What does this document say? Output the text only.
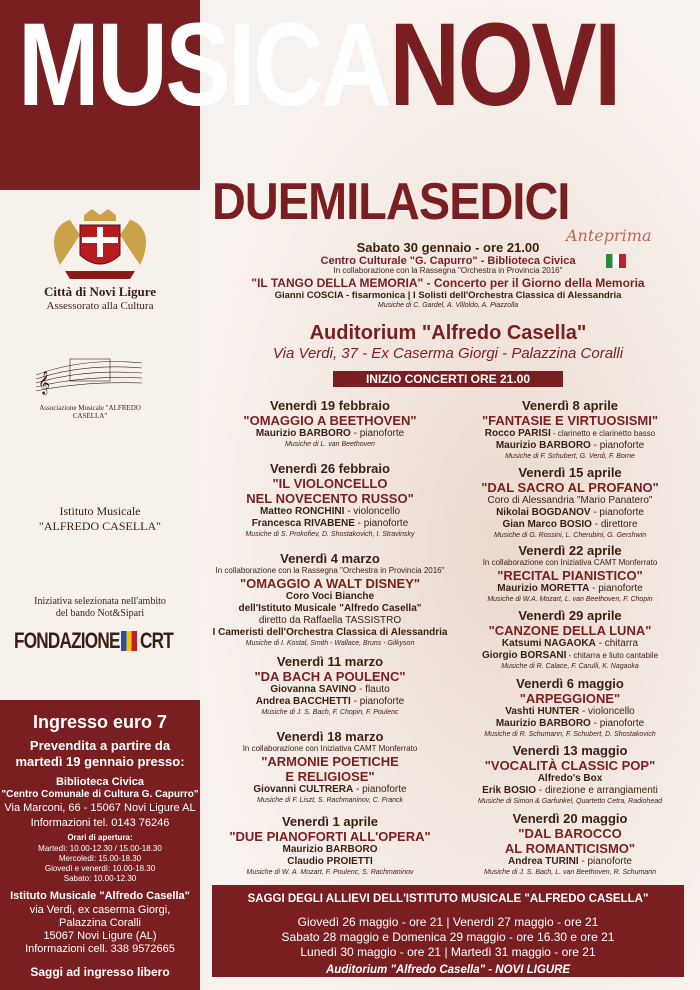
MUSICANOVI
DUEMILASEDICI
Anteprima
Città di Novi Ligure
Assessorato alla Cultura
𝄞
Associazione Musicale "ALFREDO CASELLA"
Istituto Musicale
"ALFREDO CASELLA"
Iniziativa selezionata nell'ambito
del bando Not&Sipari
FONDAZIONE CRT
Ingresso euro 7
Prevendita a partire da
martedì 19 gennaio presso:
Biblioteca Civica
"Centro Comunale di Cultura G. Capurro"
Via Marconi, 66 - 15067 Novi Ligure AL
Informazioni tel. 0143 76246
Orari di apertura:
Martedì: 10.00-12.30 / 15.00-18.30
Mercoledì: 15.00-18.30
Giovedì e venerdì: 10.00-18.30
Sabato: 10.00-12.30
Istituto Musicale "Alfredo Casella"
via Verdi, ex caserma Giorgi,
Palazzina Coralli
15067 Novi Ligure (AL)
Informazioni cell. 338 9572665
Saggi ad ingresso libero
Sabato 30 gennaio - ore 21.00
Centro Culturale "G. Capurro" - Biblioteca Civica
In collaborazione con la Rassegna "Orchestra in Provincia 2016"
"IL TANGO DELLA MEMORIA" - Concerto per il Giorno della Memoria
Gianni COSCIA - fisarmonica | I Solisti dell'Orchestra Classica di Alessandria
Musiche di C. Gardel, A. Villoldo, A. Piazzolla
Auditorium "Alfredo Casella"
Via Verdi, 37 - Ex Caserma Giorgi - Palazzina Coralli
INIZIO CONCERTI ORE 21.00
Venerdì 19 febbraio
"OMAGGIO A BEETHOVEN"
Maurizio BARBORO - pianoforte
Musiche di L. van Beethoven
Venerdì 26 febbraio
"IL VIOLONCELLO
NEL NOVECENTO RUSSO"
Matteo RONCHINI - violoncello
Francesca RIVABENE - pianoforte
Musiche di S. Prokofiev, D. Shostakovich, I. Stravinsky
Venerdì 4 marzo
In collaborazione con la Rassegna "Orchestra in Provincia 2016"
"OMAGGIO A WALT DISNEY"
Coro Voci Bianche
dell'Istituto Musicale "Alfredo Casella"
diretto da Raffaella TASSISTRO
I Cameristi dell'Orchestra Classica di Alessandria
Musiche di I. Kostal, Smith - Wallace, Bruns - Gilkyson
Venerdì 11 marzo
"DA BACH A POULENC"
Giovanna SAVINO - flauto
Andrea BACCHETTI - pianoforte
Musiche di J. S. Bach, F. Chopin, F. Poulenc
Venerdì 18 marzo
In collaborazione con Iniziativa CAMT Monferrato
"ARMONIE POETICHE
E RELIGIOSE"
Giovanni CULTRERA - pianoforte
Musiche di F. Liszt, S. Rachmaninov, C. Franck
Venerdì 1 aprile
"DUE PIANOFORTI ALL'OPERA"
Maurizio BARBORO
Claudio PROIETTI
Musiche di W. A. Mozart, F. Poulenc, S. Rachmaninov
Venerdì 8 aprile
"FANTASIE E VIRTUOSISMI"
Rocco PARISI - clarinetto e clarinetto basso
Maurizio BARBORO - pianoforte
Musiche di F. Schubert, G. Verdi, F. Borne
Venerdì 15 aprile
"DAL SACRO AL PROFANO"
Coro di Alessandria "Mario Panatero"
Nikolai BOGDANOV - pianoforte
Gian Marco BOSIO - direttore
Musiche di G. Rossini, L. Cherubini, G. Gershwin
Venerdì 22 aprile
In collaborazione con Iniziativa CAMT Monferrato
"RECITAL PIANISTICO"
Maurizio MORETTA - pianoforte
Musiche di W.A. Mozart, L. van Beethoven, F. Chopin
Venerdì 29 aprile
"CANZONE DELLA LUNA"
Katsumi NAGAOKA - chitarra
Giorgio BORSANI - chitarra e liuto cantabile
Musiche di R. Calace, F. Carulli, K. Nagaoka
Venerdì 6 maggio
"ARPEGGIONE"
Vashti HUNTER - violoncello
Maurizio BARBORO - pianoforte
Musiche di R. Schumann, F. Schubert, D. Shostakovich
Venerdì 13 maggio
"VOCALITÀ CLASSIC POP"
Alfredo's Box
Erik BOSIO - direzione e arrangiamenti
Musiche di Simon & Garfunkel, Quartetto Cetra, Radiohead
Venerdì 20 maggio
"DAL BAROCCO
AL ROMANTICISMO"
Andrea TURINI - pianoforte
Musiche di J. S. Bach, L. van Beethoven, R. Schumann
SAGGI DEGLI ALLIEVI DELL'ISTITUTO MUSICALE "ALFREDO CASELLA"
Giovedì 26 maggio - ore 21 | Venerdì 27 maggio - ore 21
Sabato 28 maggio e Domenica 29 maggio - ore 16.30 e ore 21
Lunedì 30 maggio - ore 21 | Martedì 31 maggio - ore 21
Auditorium "Alfredo Casella" - NOVI LIGURE
